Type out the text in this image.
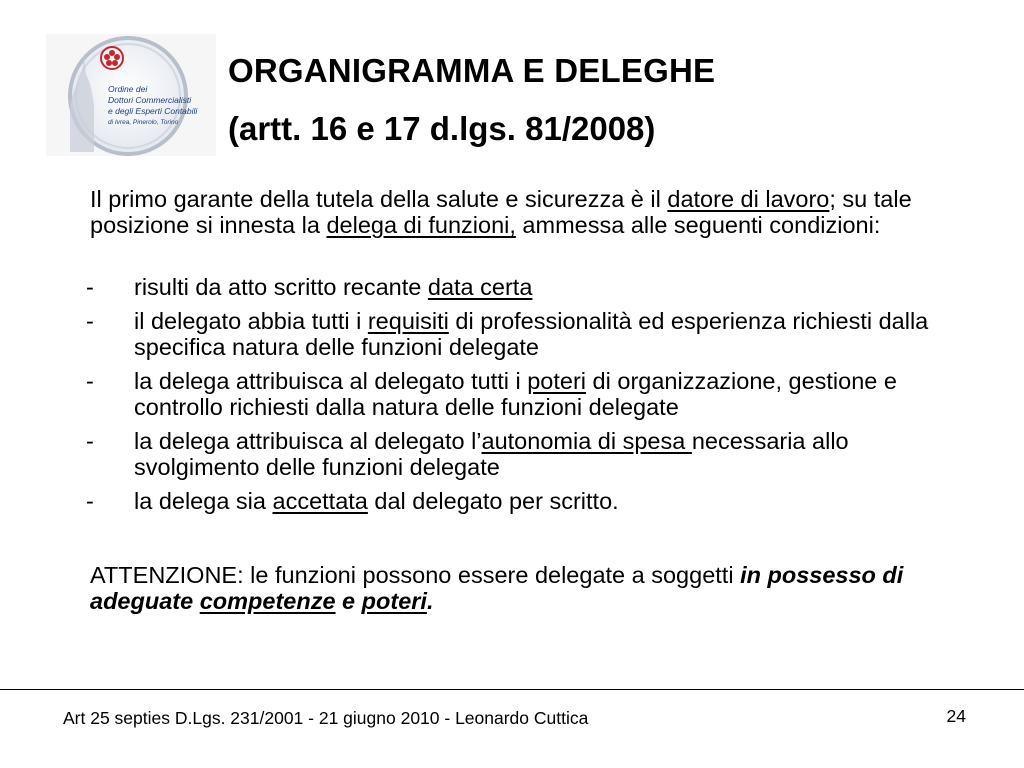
Ordine dei
Dottori Commercialisti
e degli Esperti Contabili
di Ivrea, Pinerolo, Torino
ORGANIGRAMMA E DELEGHE
(artt. 16 e 17 d.lgs. 81/2008)
Il primo garante della tutela della salute e sicurezza è il datore di lavoro; su tale posizione si innesta la delega di funzioni, ammessa alle seguenti condizioni:
- risulti da atto scritto recante data certa
- il delegato abbia tutti i requisiti di professionalità ed esperienza richiesti dalla specifica natura delle funzioni delegate
- la delega attribuisca al delegato tutti i poteri di organizzazione, gestione e controllo richiesti dalla natura delle funzioni delegate
- la delega attribuisca al delegato l’autonomia di spesa necessaria allo svolgimento delle funzioni delegate
- la delega sia accettata dal delegato per scritto.
ATTENZIONE: le funzioni possono essere delegate a soggetti in possesso di adeguate competenze e poteri.
Art 25 septies D.Lgs. 231/2001 - 21 giugno 2010 - Leonardo Cuttica	24
